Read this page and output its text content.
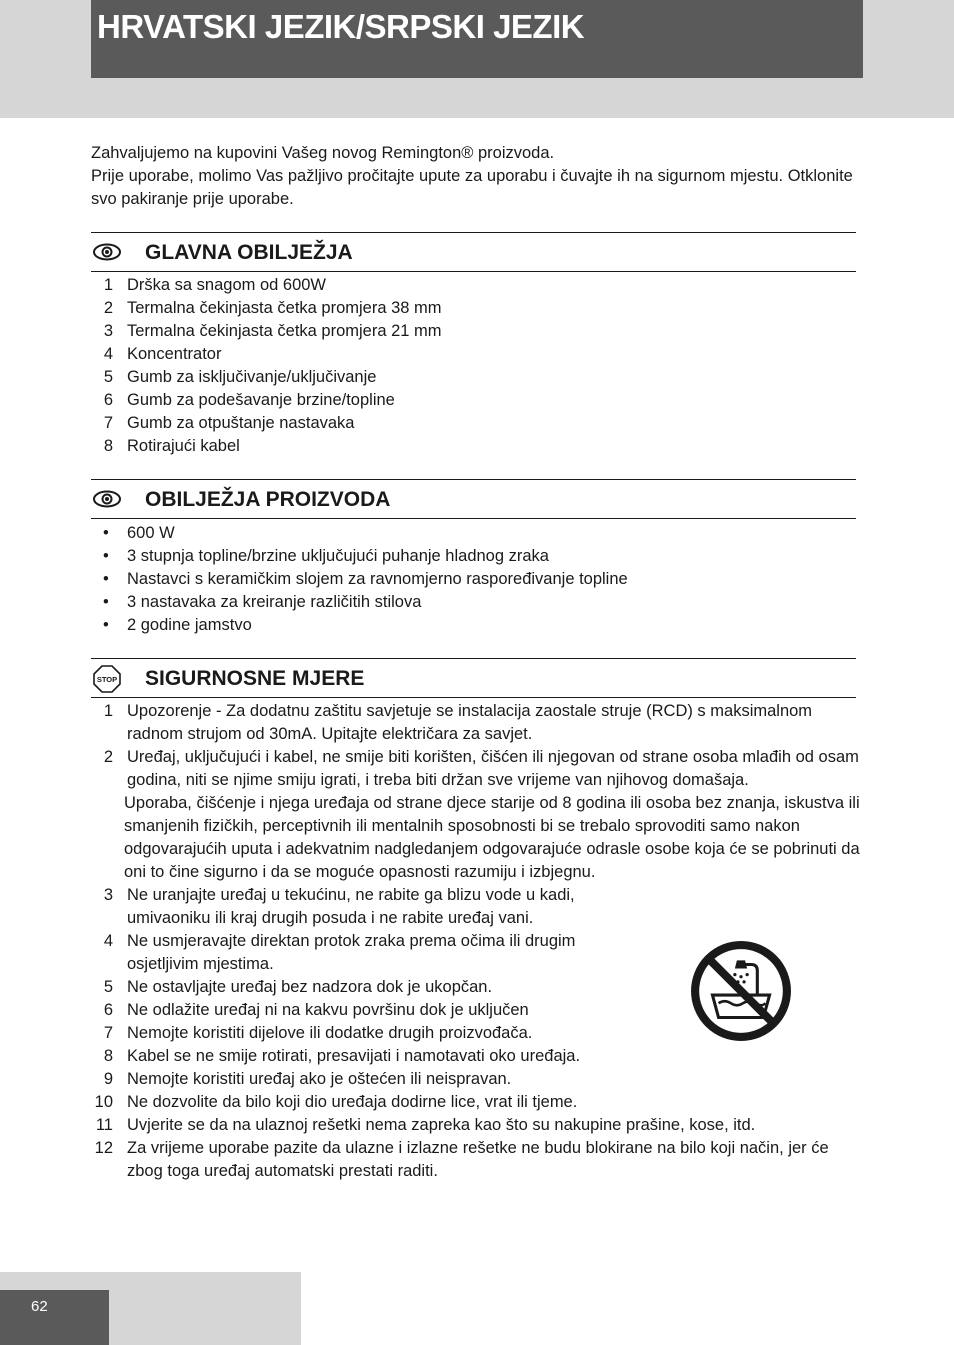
HRVATSKI JEZIK/SRPSKI JEZIK

Zahvaljujemo na kupovini Vašeg novog Remington® proizvoda.

Prije uporabe, molimo Vas pažljivo pročitajte upute za uporabu i čuvajte ih na sigurnom mjestu. Otklonite svo pakiranje prije uporabe.

GLAVNA OBILJEŽJA
1 Drška sa snagom od 600W
2 Termalna čekinjasta četka promjera 38 mm
3 Termalna čekinjasta četka promjera 21 mm
4 Koncentrator
5 Gumb za isključivanje/uključivanje
6 Gumb za podešavanje brzine/topline
7 Gumb za otpuštanje nastavaka
8 Rotirajući kabel
OBILJEŽJA PROIZVODA
• 600 W
• 3 stupnja topline/brzine uključujući puhanje hladnog zraka
• Nastavci s keramičkim slojem za ravnomjerno raspoređivanje topline
• 3 nastavaka za kreiranje različitih stilova
• 2 godine jamstvo
STOP SIGURNOSNE MJERE
1 Upozorenje - Za dodatnu zaštitu savjetuje se instalacija zaostale struje (RCD) s maksimalnom radnom strujom od 30mA. Upitajte električara za savjet.
2 Uređaj, uključujući i kabel, ne smije biti korišten, čišćen ili njegovan od strane osoba mlađih od osam godina, niti se njime smiju igrati, i treba biti držan sve vrijeme van njihovog domašaja.
Uporaba, čišćenje i njega uređaja od strane djece starije od 8 godina ili osoba bez znanja, iskustva ili smanjenih fizičkih, perceptivnih ili mentalnih sposobnosti bi se trebalo sprovoditi samo nakon odgovarajućih uputa i adekvatnim nadgledanjem odgovarajuće odrasle osobe koja će se pobrinuti da oni to čine sigurno i da se moguće opasnosti razumiju i izbjegnu.
3 Ne uranjajte uređaj u tekućinu, ne rabite ga blizu vode u kadi, umivaoniku ili kraj drugih posuda i ne rabite uređaj vani.
4 Ne usmjeravajte direktan protok zraka prema očima ili drugim osjetljivim mjestima.
5 Ne ostavljajte uređaj bez nadzora dok je ukopčan.
6 Ne odlažite uređaj ni na kakvu površinu dok je uključen
7 Nemojte koristiti dijelove ili dodatke drugih proizvođača.
8 Kabel se ne smije rotirati, presavijati i namotavati oko uređaja.
9 Nemojte koristiti uređaj ako je oštećen ili neispravan.
10 Ne dozvolite da bilo koji dio uređaja dodirne lice, vrat ili tjeme.
11 Uvjerite se da na ulaznoj rešetki nema zapreka kao što su nakupine prašine, kose, itd.
12 Za vrijeme uporabe pazite da ulazne i izlazne rešetke ne budu blokirane na bilo koji način, jer će zbog toga uređaj automatski prestati raditi.
62
